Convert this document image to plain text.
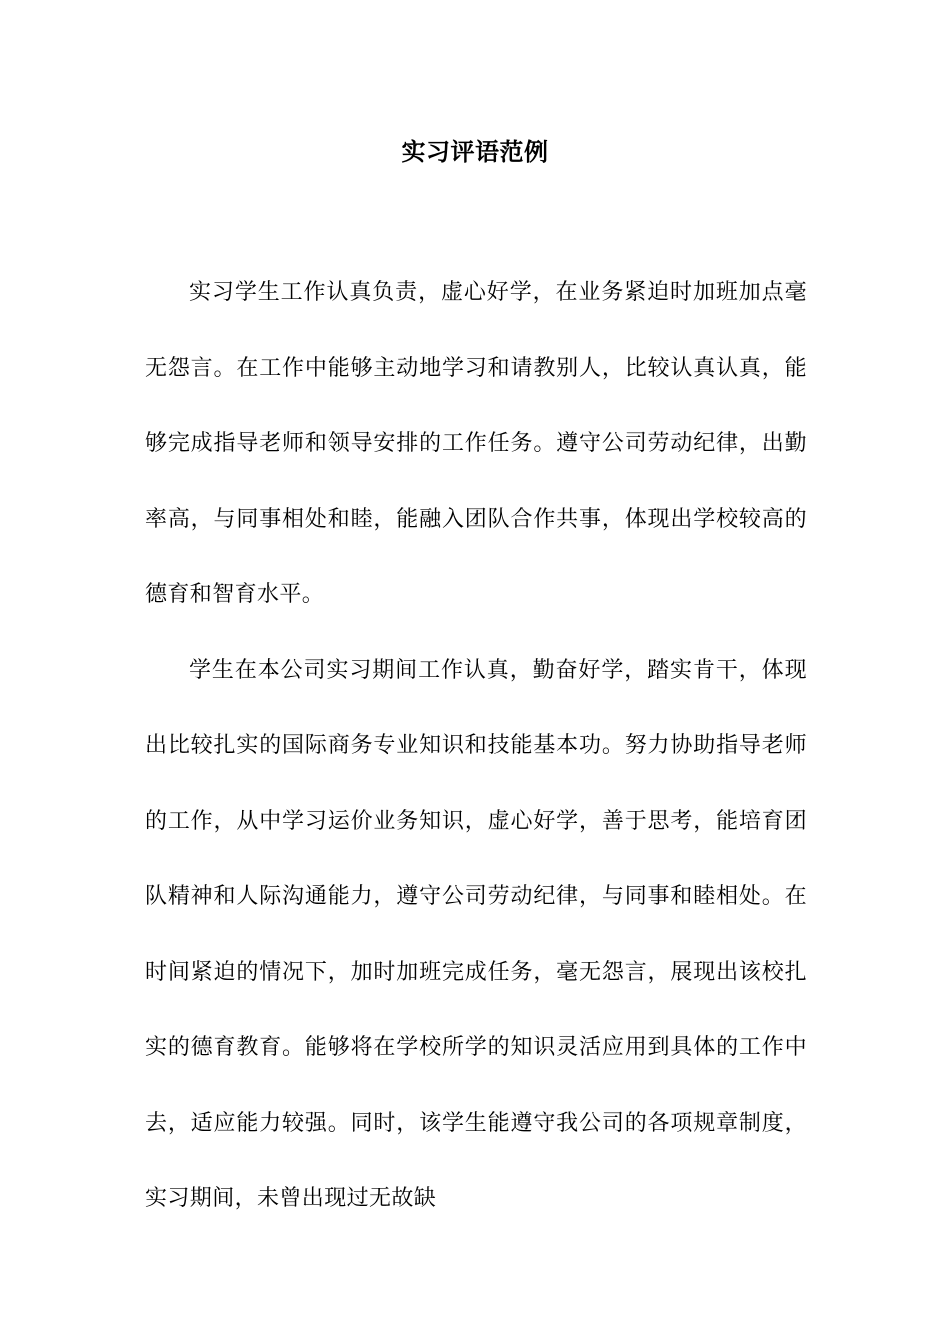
实习评语范例

实习学生工作认真负责，虚心好学，在业务紧迫时加班加点毫无怨言。在工作中能够主动地学习和请教别人，比较认真认真，能够完成指导老师和领导安排的工作任务。遵守公司劳动纪律，出勤率高，与同事相处和睦，能融入团队合作共事，体现出学校较高的德育和智育水平。

学生在本公司实习期间工作认真，勤奋好学，踏实肯干，体现出比较扎实的国际商务专业知识和技能基本功。努力协助指导老师的工作，从中学习运价业务知识，虚心好学，善于思考，能培育团队精神和人际沟通能力，遵守公司劳动纪律，与同事和睦相处。在时间紧迫的情况下，加时加班完成任务，毫无怨言，展现出该校扎实的德育教育。能够将在学校所学的知识灵活应用到具体的工作中去，适应能力较强。同时，该学生能遵守我公司的各项规章制度，实习期间，未曾出现过无故缺
